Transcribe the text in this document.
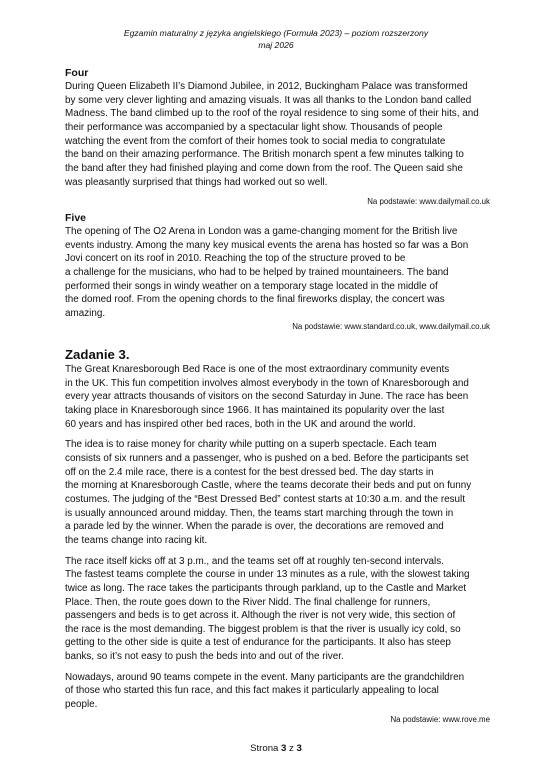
Egzamin maturalny z języka angielskiego (Formuła 2023) – poziom rozszerzony
maj 2026

Four

During Queen Elizabeth II’s Diamond Jubilee, in 2012, Buckingham Palace was transformed
by some very clever lighting and amazing visuals. It was all thanks to the London band called
Madness. The band climbed up to the roof of the royal residence to sing some of their hits, and
their performance was accompanied by a spectacular light show. Thousands of people
watching the event from the comfort of their homes took to social media to congratulate
the band on their amazing performance. The British monarch spent a few minutes talking to
the band after they had finished playing and come down from the roof. The Queen said she
was pleasantly surprised that things had worked out so well.

Na podstawie: www.dailymail.co.uk

Five

The opening of The O2 Arena in London was a game-changing moment for the British live
events industry. Among the many key musical events the arena has hosted so far was a Bon
Jovi concert on its roof in 2010. Reaching the top of the structure proved to be
a challenge for the musicians, who had to be helped by trained mountaineers. The band
performed their songs in windy weather on a temporary stage located in the middle of
the domed roof. From the opening chords to the final fireworks display, the concert was
amazing.

Na podstawie: www.standard.co.uk, www.dailymail.co.uk

Zadanie 3.

The Great Knaresborough Bed Race is one of the most extraordinary community events
in the UK. This fun competition involves almost everybody in the town of Knaresborough and
every year attracts thousands of visitors on the second Saturday in June. The race has been
taking place in Knaresborough since 1966. It has maintained its popularity over the last
60 years and has inspired other bed races, both in the UK and around the world.
The idea is to raise money for charity while putting on a superb spectacle. Each team
consists of six runners and a passenger, who is pushed on a bed. Before the participants set
off on the 2.4 mile race, there is a contest for the best dressed bed. The day starts in
the morning at Knaresborough Castle, where the teams decorate their beds and put on funny
costumes. The judging of the “Best Dressed Bed” contest starts at 10:30 a.m. and the result
is usually announced around midday. Then, the teams start marching through the town in
a parade led by the winner. When the parade is over, the decorations are removed and
the teams change into racing kit.
The race itself kicks off at 3 p.m., and the teams set off at roughly ten-second intervals.
The fastest teams complete the course in under 13 minutes as a rule, with the slowest taking
twice as long. The race takes the participants through parkland, up to the Castle and Market
Place. Then, the route goes down to the River Nidd. The final challenge for runners,
passengers and beds is to get across it. Although the river is not very wide, this section of
the race is the most demanding. The biggest problem is that the river is usually icy cold, so
getting to the other side is quite a test of endurance for the participants. It also has steep
banks, so it’s not easy to push the beds into and out of the river.
Nowadays, around 90 teams compete in the event. Many participants are the grandchildren
of those who started this fun race, and this fact makes it particularly appealing to local
people.

Na podstawie: www.rove.me

Strona 3 z 3
